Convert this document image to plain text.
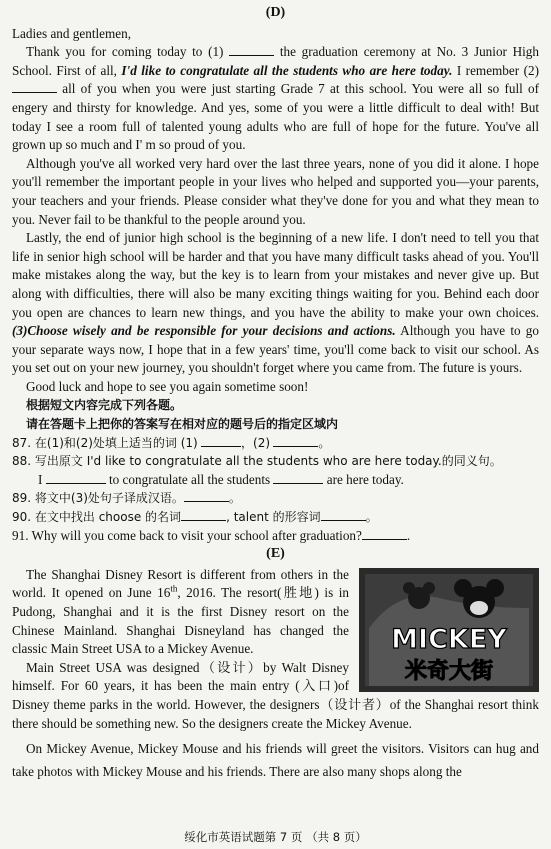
(D)

Ladies and gentlemen,

Thank you for coming today to (1)	the graduation ceremony at No. 3 Junior High School. First of all, I'd like to congratulate all the students who are here today. I remember (2)  all of you when you were just starting Grade 7 at this school. You were all so full of engery and thirsty for knowledge. And yes, some of you were a little difficult to deal with! But today I see a room full of talented young adults who are full of hope for the future. You've all grown up so much and I' m so proud of you.

Although you've all worked very hard over the last three years, none of you did it alone. I hope you'll remember the important people in your lives who helped and supported you—your parents, your teachers and your friends. Please consider what they've done for you and what they mean to you. Never fail to be thankful to the people around you.

Lastly, the end of junior high school is the beginning of a new life. I don't need to tell you that life in senior high school will be harder and that you have many difficult tasks ahead of you. You'll make mistakes along the way, but the key is to learn from your mistakes and never give up. But along with difficulties, there will also be many exciting things waiting for you. Behind each door you open are chances to learn new things, and you have the ability to make your own choices. (3)Choose wisely and be responsible for your decisions and actions. Although you have to go your separate ways now, I hope that in a few years' time, you'll come back to visit our school. As you set out on your new journey, you shouldn't forget where you came from. The future is yours.

Good luck and hope to see you again sometime soon!

根据短文内容完成下列各题。

请在答题卡上把你的答案写在相对应的题号后的指定区域内

87. 在(1)和(2)处填上适当的词 (1)	，(2)	。

88. 写出原文 I'd like to congratulate all the students who are here today.的同义句。

I	to congratulate all the students	are here today.

89. 将文中(3)处句子译成汉语。	。

90. 在文中找出 choose 的名词	, talent 的形容词	。

91. Why will you come back to visit your school after graduation?	.

(E)
MICKEY
米奇大街

The Shanghai Disney Resort is different from others in the world. It opened on June 16th, 2016. The resort(胜地) is in Pudong, Shanghai and it is the first Disney resort on the Chinese Mainland. Shanghai Disneyland has changed the classic Main Street USA to a Mickey Avenue.

Main Street USA was designed（设计）by Walt Disney himself. For 60 years, it has been the main entry (入口)of Disney theme parks in the world. However, the designers（设计者）of the Shanghai resort think there should be something new. So the designers create the Mickey Avenue.

On Mickey Avenue, Mickey Mouse and his friends will greet the visitors. Visitors can hug and take photos with Mickey Mouse and his friends. There are also many shops along the

绥化市英语试题第 7 页 （共 8 页）
